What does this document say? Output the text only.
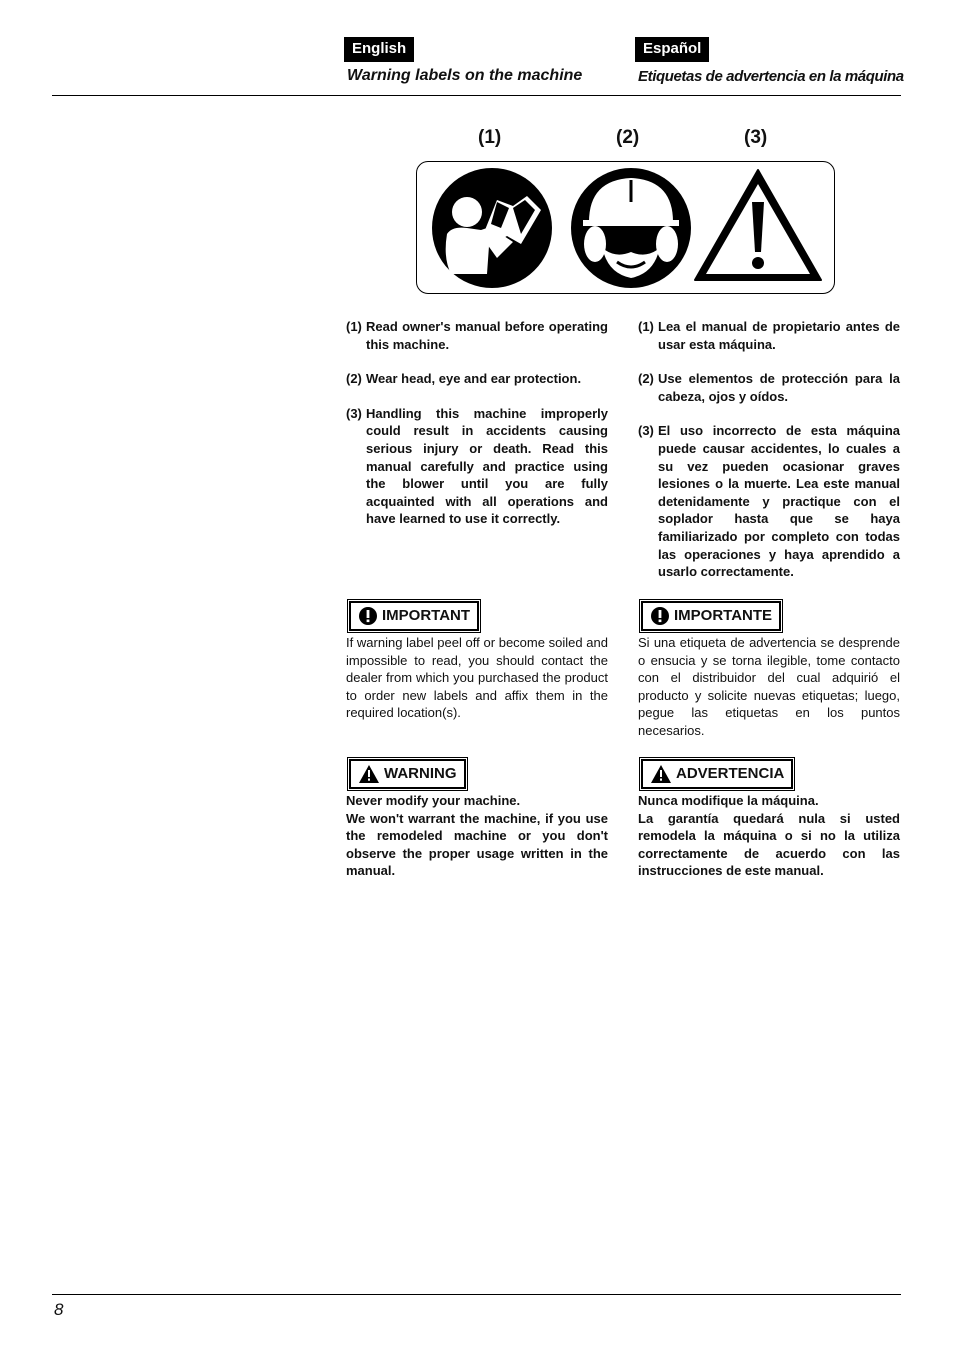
English	Español
Warning labels on the machine	Etiquetas de advertencia en la máquina
(1)	(2)	(3)
(1) Read owner's manual before operating this machine.
(2) Wear head, eye and ear protection.
(3) Handling this machine improperly could result in accidents causing serious injury or death. Read this manual carefully and practice using the blower until you are fully acquainted with all operations and have learned to use it correctly.
(1) Lea el manual de propietario antes de usar esta máquina.
(2) Use elementos de protección para la cabeza, ojos y oídos.
(3) El uso incorrecto de esta máquina puede causar accidentes, lo cuales a su vez pueden ocasionar graves lesiones o la muerte. Lea este manual detenidamente y practique con el soplador hasta que se haya familiarizado por completo con todas las operaciones y haya aprendido a usarlo correctamente.
IMPORTANT	IMPORTANTE
If warning label peel off or become soiled and impossible to read, you should contact the dealer from which you purchased the product to order new labels and affix them in the required location(s).
Si una etiqueta de advertencia se desprende o ensucia y se torna ilegible, tome contacto con el distribuidor del cual adquirió el producto y solicite nuevas etiquetas; luego, pegue las etiquetas en los puntos necesarios.
WARNING	ADVERTENCIA
Never modify your machine.
We won't warrant the machine, if you use the remodeled machine or you don't observe the proper usage written in the manual.
Nunca modifique la máquina.
La garantía quedará nula si usted remodela la máquina o si no la utiliza correctamente de acuerdo con las instrucciones de este manual.
8
